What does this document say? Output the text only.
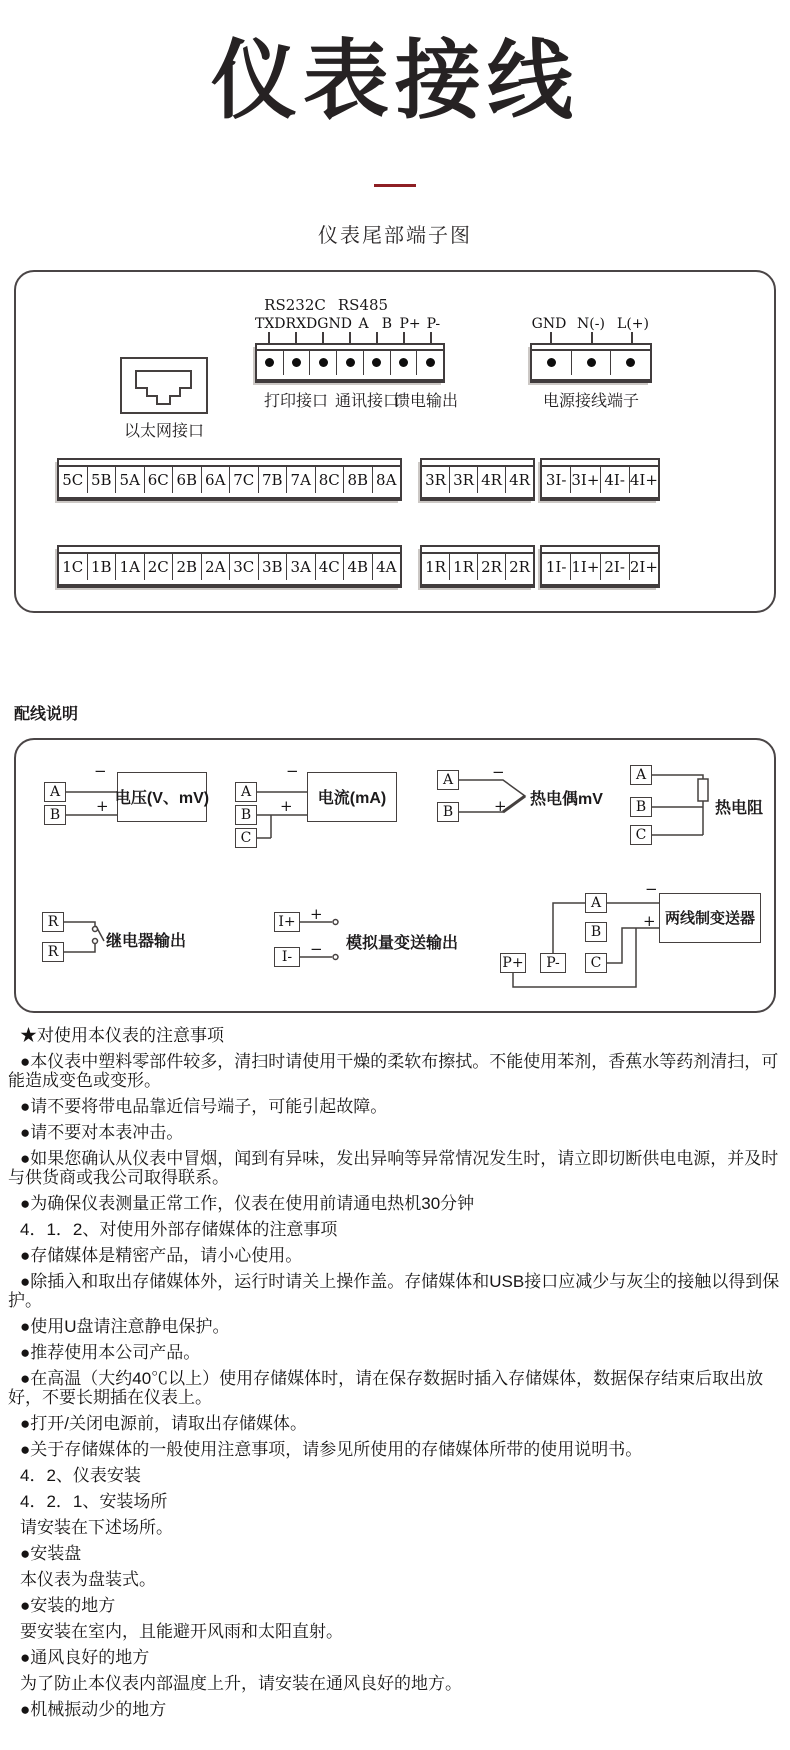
仪表接线
仪表尾部端子图
以太网接口
RS232C RS485
TXD RXD GND A B P+ P-
打印接口 通讯接口
馈电输出
GND N(-) L(+)
电源接线端子
5C 5B 5A 6C 6B 6A 7C 7B 7A 8C 8B 8A 3R 3R 4R 4R 3I- 3I+ 4I- 4I+
1C 1B 1A 2C 2B 2A 3C 3B 3A 4C 4B 4A 1R 1R 2R 2R 1I- 1I+ 2I- 2I+
配线说明
A
B
−
+ 电压(V、mV)	A
B
C
−
+	电流(mA)
A
B
−
+ 热电偶mV
A
B
C
热电阻
R
R
继电器输出
I+
I-
+
− 模拟量变送输出
A
B
C
P+	P-
−
+ 两线制变送器

★对使用本仪表的注意事项

●本仪表中塑料零部件较多，清扫时请使用干燥的柔软布擦拭。不能使用苯剂，香蕉水等药剂清扫，可能造成变色或变形。

●请不要将带电品靠近信号端子，可能引起故障。

●请不要对本表冲击。

●如果您确认从仪表中冒烟，闻到有异味，发出异响等异常情况发生时，请立即切断供电电源，并及时与供货商或我公司取得联系。

●为确保仪表测量正常工作，仪表在使用前请通电热机30分钟

4．1．2、对使用外部存储媒体的注意事项

●存储媒体是精密产品，请小心使用。

●除插入和取出存储媒体外，运行时请关上操作盖。存储媒体和USB接口应减少与灰尘的接触以得到保护。

●使用U盘请注意静电保护。

●推荐使用本公司产品。

●在高温（大约40℃以上）使用存储媒体时，请在保存数据时插入存储媒体，数据保存结束后取出放好，不要长期插在仪表上。

●打开/关闭电源前，请取出存储媒体。

●关于存储媒体的一般使用注意事项，请参见所使用的存储媒体所带的使用说明书。

4．2、仪表安装

4．2．1、安装场所

请安装在下述场所。

●安装盘

本仪表为盘装式。

●安装的地方

要安装在室内，且能避开风雨和太阳直射。

●通风良好的地方

为了防止本仪表内部温度上升，请安装在通风良好的地方。

●机械振动少的地方
